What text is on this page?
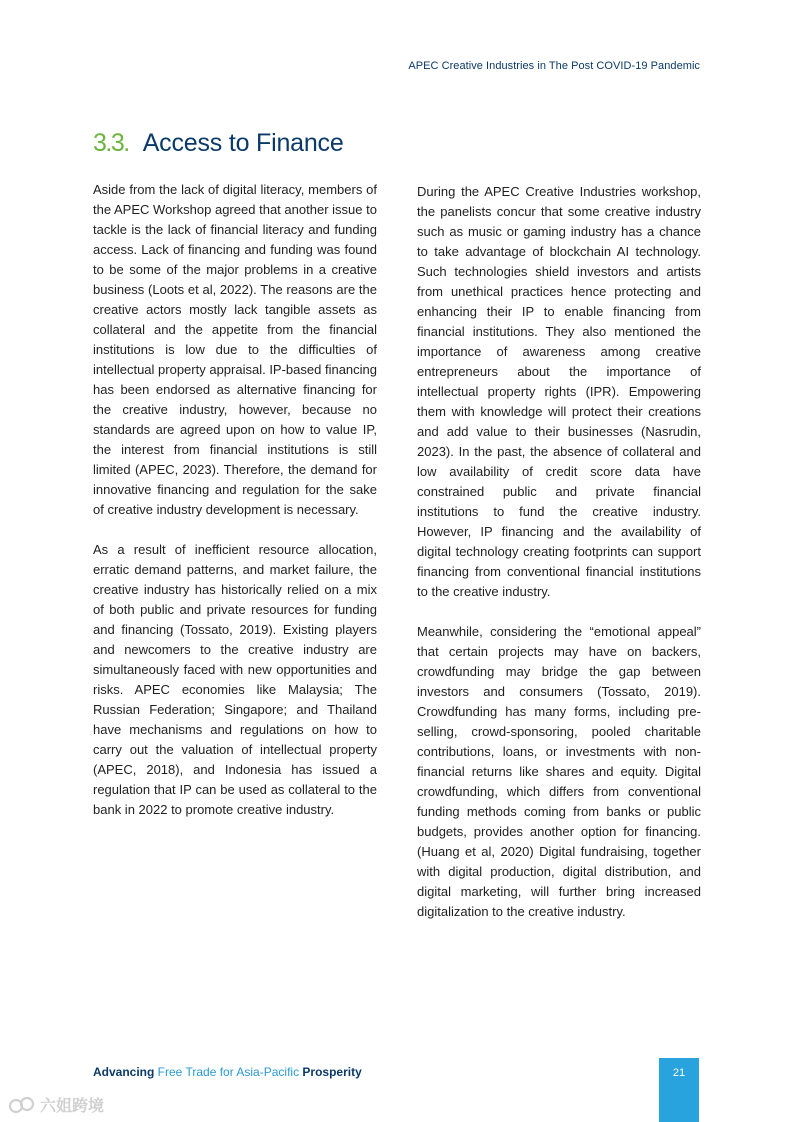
APEC Creative Industries in The Post COVID-19 Pandemic
3.3. Access to Finance

Aside from the lack of digital literacy, members of the APEC Workshop agreed that another issue to tackle is the lack of financial literacy and funding access. Lack of financing and funding was found to be some of the major problems in a creative business (Loots et al, 2022). The reasons are the creative actors mostly lack tangible assets as collateral and the appetite from the financial institutions is low due to the difficulties of intellectual property appraisal. IP-based financing has been endorsed as alternative financing for the creative industry, however, because no standards are agreed upon on how to value IP, the interest from financial institutions is still limited (APEC, 2023). Therefore, the demand for innovative financing and regulation for the sake of creative industry development is necessary.

As a result of inefficient resource allocation, erratic demand patterns, and market failure, the creative industry has historically relied on a mix of both public and private resources for funding and financing (Tossato, 2019). Existing players and newcomers to the creative industry are simultaneously faced with new opportunities and risks. APEC economies like Malaysia; The Russian Federation; Singapore; and Thailand have mechanisms and regulations on how to carry out the valuation of intellectual property (APEC, 2018), and Indonesia has issued a regulation that IP can be used as collateral to the bank in 2022 to promote creative industry.

During the APEC Creative Industries workshop, the panelists concur that some creative industry such as music or gaming industry has a chance to take advantage of blockchain AI technology. Such technologies shield investors and artists from unethical practices hence protecting and enhancing their IP to enable financing from financial institutions. They also mentioned the importance of awareness among creative entrepreneurs about the importance of intellectual property rights (IPR). Empowering them with knowledge will protect their creations and add value to their businesses (Nasrudin, 2023). In the past, the absence of collateral and low availability of credit score data have constrained public and private financial institutions to fund the creative industry. However, IP financing and the availability of digital technology creating footprints can support financing from conventional financial institutions to the creative industry.

Meanwhile, considering the “emotional appeal” that certain projects may have on backers, crowdfunding may bridge the gap between investors and consumers (Tossato, 2019). Crowdfunding has many forms, including pre-selling, crowd-sponsoring, pooled charitable contributions, loans, or investments with non-financial returns like shares and equity. Digital crowdfunding, which differs from conventional funding methods coming from banks or public budgets, provides another option for financing. (Huang et al, 2020) Digital fundraising, together with digital production, digital distribution, and digital marketing, will further bring increased digitalization to the creative industry.

Advancing Free Trade for Asia-Pacific Prosperity	21
六姐跨境
